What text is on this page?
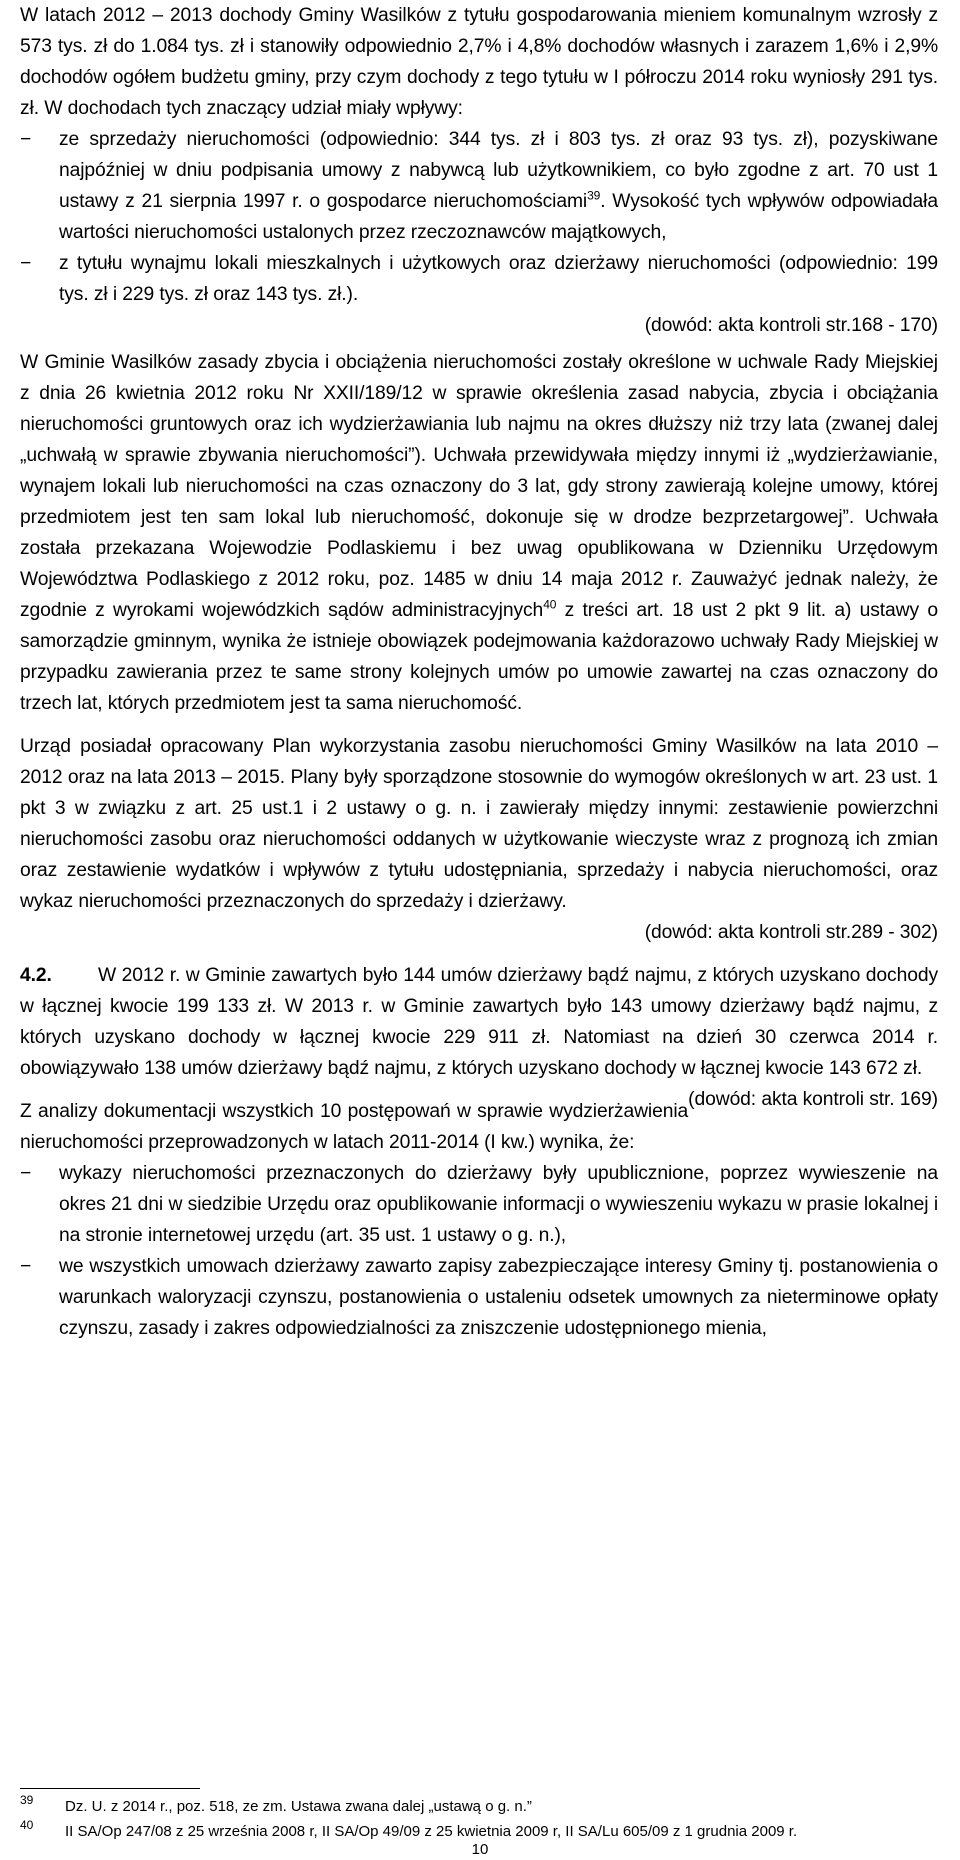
W latach 2012 – 2013 dochody Gminy Wasilków z tytułu gospodarowania mieniem komunalnym wzrosły z 573 tys. zł do 1.084 tys. zł i stanowiły odpowiednio 2,7% i 4,8% dochodów własnych i zarazem 1,6% i 2,9% dochodów ogółem budżetu gminy, przy czym dochody z tego tytułu w I półroczu 2014 roku wyniosły 291 tys. zł. W dochodach tych znaczący udział miały wpływy:

−	ze sprzedaży nieruchomości (odpowiednio: 344 tys. zł i 803 tys. zł oraz 93 tys. zł), pozyskiwane najpóźniej w dniu podpisania umowy z nabywcą lub użytkownikiem, co było zgodne z art. 70 ust 1 ustawy z 21 sierpnia 1997 r. o gospodarce nieruchomościami$^{39}$. Wysokość tych wpływów odpowiadała wartości nieruchomości ustalonych przez rzeczoznawców majątkowych,
−	z tytułu wynajmu lokali mieszkalnych i użytkowych oraz dzierżawy nieruchomości (odpowiednio: 199 tys. zł i 229 tys. zł oraz 143 tys. zł.).

(dowód: akta kontroli str.168 - 170)

W Gminie Wasilków zasady zbycia i obciążenia nieruchomości zostały określone w uchwale Rady Miejskiej z dnia 26 kwietnia 2012 roku Nr XXII/189/12 w sprawie określenia zasad nabycia, zbycia i obciążania nieruchomości gruntowych oraz ich wydzierżawiania lub najmu na okres dłuższy niż trzy lata (zwanej dalej „uchwałą w sprawie zbywania nieruchomości”). Uchwała przewidywała między innymi iż „wydzierżawianie, wynajem lokali lub nieruchomości na czas oznaczony do 3 lat, gdy strony zawierają kolejne umowy, której przedmiotem jest ten sam lokal lub nieruchomość, dokonuje się w drodze bezprzetargowej”. Uchwała została przekazana Wojewodzie Podlaskiemu i bez uwag opublikowana w Dzienniku Urzędowym Województwa Podlaskiego z 2012 roku, poz. 1485 w dniu 14 maja 2012 r. Zauważyć jednak należy, że zgodnie z wyrokami wojewódzkich sądów administracyjnych$^{40}$ z treści art. 18 ust 2 pkt 9 lit. a) ustawy o samorządzie gminnym, wynika że istnieje obowiązek podejmowania każdorazowo uchwały Rady Miejskiej w przypadku zawierania przez te same strony kolejnych umów po umowie zawartej na czas oznaczony do trzech lat, których przedmiotem jest ta sama nieruchomość.

Urząd posiadał opracowany Plan wykorzystania zasobu nieruchomości Gminy Wasilków na lata 2010 – 2012 oraz na lata 2013 – 2015. Plany były sporządzone stosownie do wymogów określonych w art. 23 ust. 1 pkt 3 w związku z art. 25 ust.1 i 2 ustawy o g. n. i zawierały między innymi: zestawienie powierzchni nieruchomości zasobu oraz nieruchomości oddanych w użytkowanie wieczyste wraz z prognozą ich zmian oraz zestawienie wydatków i wpływów z tytułu udostępniania, sprzedaży i nabycia nieruchomości, oraz wykaz nieruchomości przeznaczonych do sprzedaży i dzierżawy.

(dowód: akta kontroli str.289 - 302)

4.2. W 2012 r. w Gminie zawartych było 144 umów dzierżawy bądź najmu, z których uzyskano dochody w łącznej kwocie 199 133 zł. W 2013 r. w Gminie zawartych było 143 umowy dzierżawy bądź najmu, z których uzyskano dochody w łącznej kwocie 229 911 zł. Natomiast na dzień 30 czerwca 2014 r. obowiązywało 138 umów dzierżawy bądź najmu, z których uzyskano dochody w łącznej kwocie 143 672 zł.
(dowód: akta kontroli str. 169)

Z analizy dokumentacji wszystkich 10 postępowań w sprawie wydzierżawienia nieruchomości przeprowadzonych w latach 2011-2014 (I kw.) wynika, że:

−	wykazy nieruchomości przeznaczonych do dzierżawy były upublicznione, poprzez wywieszenie na okres 21 dni w siedzibie Urzędu oraz opublikowanie informacji o wywieszeniu wykazu w prasie lokalnej i na stronie internetowej urzędu (art. 35 ust. 1 ustawy o g. n.),
−	we wszystkich umowach dzierżawy zawarto zapisy zabezpieczające interesy Gminy tj. postanowienia o warunkach waloryzacji czynszu, postanowienia o ustaleniu odsetek umownych za nieterminowe opłaty czynszu, zasady i zakres odpowiedzialności za zniszczenie udostępnionego mienia,
39 Dz. U. z 2014 r., poz. 518, ze zm. Ustawa zwana dalej „ustawą o g. n.”
40 II SA/Op 247/08 z 25 września 2008 r, II SA/Op 49/09 z 25 kwietnia 2009 r, II SA/Lu 605/09 z 1 grudnia 2009 r.
10
